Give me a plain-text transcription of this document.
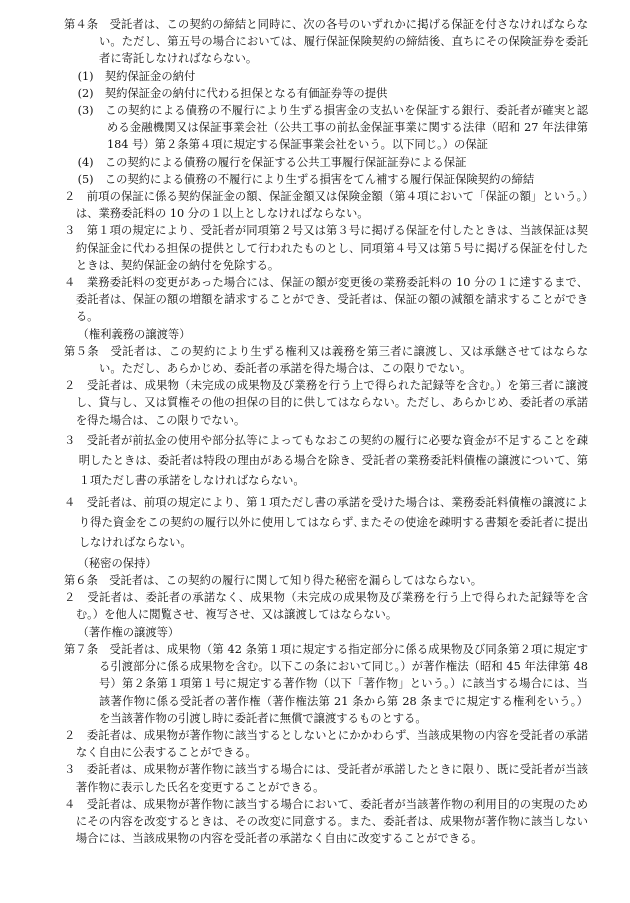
第４条　受託者は、この契約の締結と同時に、次の各号のいずれかに掲げる保証を付さなければならない。ただし、第五号の場合においては、履行保証保険契約の締結後、直ちにその保険証券を委託者に寄託しなければならない。

(1)　契約保証金の納付

(2)　契約保証金の納付に代わる担保となる有価証券等の提供

(3)　この契約による債務の不履行により生ずる損害金の支払いを保証する銀行、委託者が確実と認める金融機関又は保証事業会社（公共工事の前払金保証事業に関する法律（昭和 27 年法律第 184 号）第２条第４項に規定する保証事業会社をいう。以下同じ。）の保証

(4)　この契約による債務の履行を保証する公共工事履行保証証券による保証

(5)　この契約による債務の不履行により生ずる損害をてん補する履行保証保険契約の締結

２　前項の保証に係る契約保証金の額、保証金額又は保険金額（第４項において「保証の額」という。）は、業務委託料の 10 分の１以上としなければならない。

３　第１項の規定により、受託者が同項第２号又は第３号に掲げる保証を付したときは、当該保証は契約保証金に代わる担保の提供として行われたものとし、同項第４号又は第５号に掲げる保証を付したときは、契約保証金の納付を免除する。

４　業務委託料の変更があった場合には、保証の額が変更後の業務委託料の 10 分の１に達するまで、委託者は、保証の額の増額を請求することができ、受託者は、保証の額の減額を請求することができる。

（権利義務の譲渡等）

第５条　受託者は、この契約により生ずる権利又は義務を第三者に譲渡し、又は承継させてはならない。ただし、あらかじめ、委託者の承諾を得た場合は、この限りでない。

２　受託者は、成果物（未完成の成果物及び業務を行う上で得られた記録等を含む。）を第三者に譲渡し、貸与し、又は質権その他の担保の目的に供してはならない。ただし、あらかじめ、委託者の承諾を得た場合は、この限りでない。

３　受託者が前払金の使用や部分払等によってもなおこの契約の履行に必要な資金が不足することを疎明したときは、委託者は特段の理由がある場合を除き、受託者の業務委託料債権の譲渡について、第１項ただし書の承諾をしなければならない。

４　受託者は、前項の規定により、第１項ただし書の承諾を受けた場合は、業務委託料債権の譲渡により得た資金をこの契約の履行以外に使用してはならず､またその使途を疎明する書類を委託者に提出しなければならない。

（秘密の保持）

第６条　受託者は、この契約の履行に関して知り得た秘密を漏らしてはならない。

２　受託者は、委託者の承諾なく、成果物（未完成の成果物及び業務を行う上で得られた記録等を含む。）を他人に閲覧させ、複写させ、又は譲渡してはならない。

（著作権の譲渡等）

第７条　受託者は、成果物（第 42 条第１項に規定する指定部分に係る成果物及び同条第２項に規定する引渡部分に係る成果物を含む。以下この条において同じ。）が著作権法（昭和 45 年法律第 48 号）第２条第１項第１号に規定する著作物（以下「著作物」という。）に該当する場合には、当該著作物に係る受託者の著作権（著作権法第 21 条から第 28 条までに規定する権利をいう。）を当該著作物の引渡し時に委託者に無償で譲渡するものとする。

２　委託者は、成果物が著作物に該当するとしないとにかかわらず、当該成果物の内容を受託者の承諾なく自由に公表することができる。

３　委託者は、成果物が著作物に該当する場合には、受託者が承諾したときに限り、既に受託者が当該著作物に表示した氏名を変更することができる。

４　受託者は、成果物が著作物に該当する場合において、委託者が当該著作物の利用目的の実現のためにその内容を改変するときは、その改変に同意する。また、委託者は、成果物が著作物に該当しない場合には、当該成果物の内容を受託者の承諾なく自由に改変することができる。
